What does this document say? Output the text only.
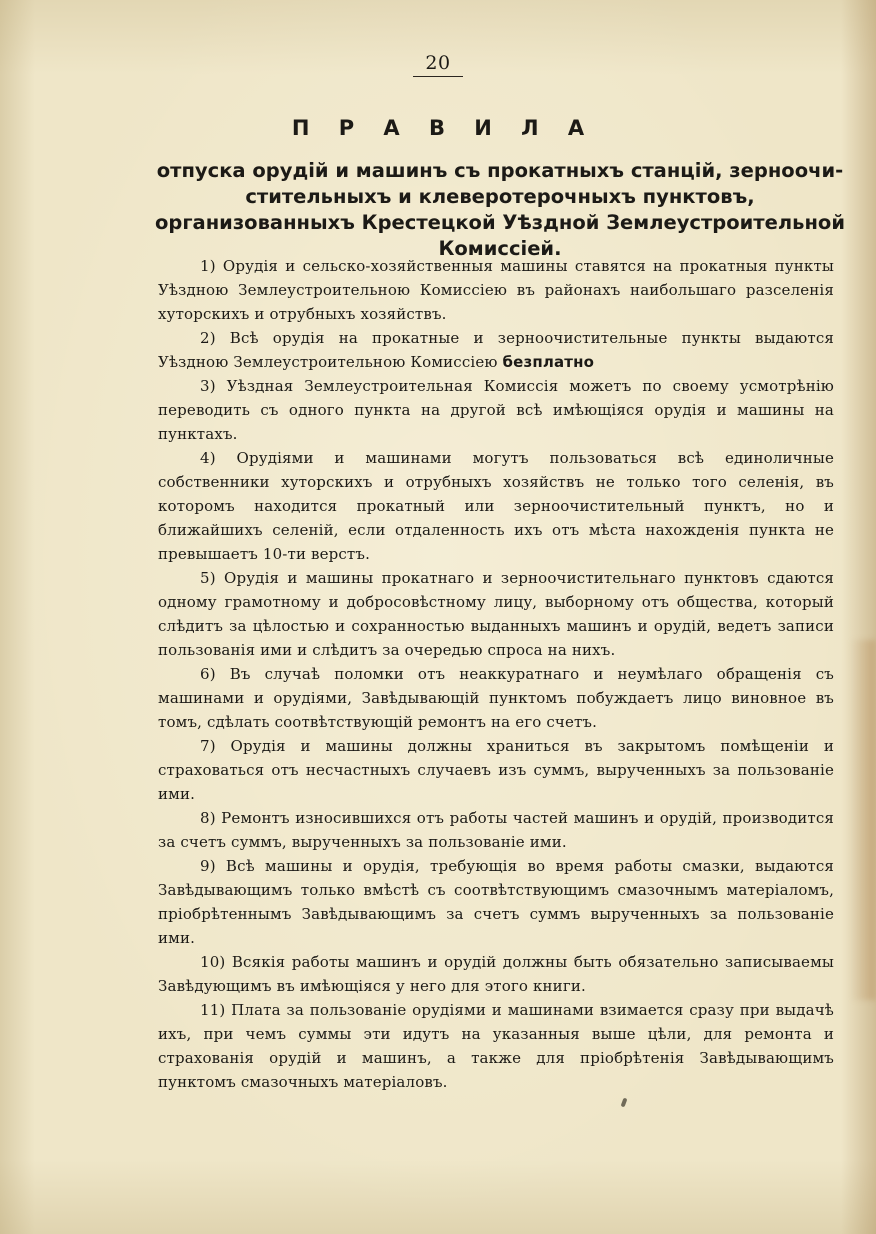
20
П Р А В И Л А
отпуска орудій и машинъ съ прокатныхъ станцій, зерноочи-стительныхъ и клеверотерочныхъ пунктовъ, организованныхъ Крестецкой Уѣздной Землеустроительной Комиссіей.

1) Орудія и сельско-хозяйственныя машины ставятся на прокатныя пункты Уѣздною Землеустроительною Комиссіею въ районахъ наибольшаго разселенія хуторскихъ и отрубныхъ хозяйствъ.

2) Всѣ орудія на прокатные и зерноочистительные пункты выдаются Уѣздною Землеустроительною Комиссіею безплатно

3) Уѣздная Землеустроительная Комиссія можетъ по своему усмотрѣнію переводить съ одного пункта на другой всѣ имѣющіяся орудія и машины на пунктахъ.

4) Орудіями и машинами могутъ пользоваться всѣ единоличные собственники хуторскихъ и отрубныхъ хозяйствъ не только того селенія, въ которомъ находится прокатный или зерноочистительный пунктъ, но и ближайшихъ селеній, если отдаленность ихъ отъ мѣста нахожденія пункта не превышаетъ 10-ти верстъ.

5) Орудія и машины прокатнаго и зерноочистительнаго пунктовъ сдаются одному грамотному и добросовѣстному лицу, выборному отъ общества, который слѣдитъ за цѣлостью и сохранностью выданныхъ машинъ и орудій, ведетъ записи пользованія ими и слѣдитъ за очередью спроса на нихъ.

6) Въ случаѣ поломки отъ неаккуратнаго и неумѣлаго обращенія съ машинами и орудіями, Завѣдывающій пунктомъ побуждаетъ лицо виновное въ томъ, сдѣлать соотвѣтствующій ремонтъ на его счетъ.

7) Орудія и машины должны храниться въ закрытомъ помѣщеніи и страховаться отъ несчастныхъ случаевъ изъ суммъ, вырученныхъ за пользованіе ими.

8) Ремонтъ износившихся отъ работы частей машинъ и орудій, производится за счетъ суммъ, вырученныхъ за пользованіе ими.

9) Всѣ машины и орудія, требующія во время работы смазки, выдаются Завѣдывающимъ только вмѣстѣ съ соотвѣтствующимъ смазочнымъ матеріаломъ, пріобрѣтеннымъ Завѣдывающимъ за счетъ суммъ вырученныхъ за пользованіе ими.

10) Всякія работы машинъ и орудій должны быть обязательно записываемы Завѣдующимъ въ имѣющіяся у него для этого книги.

11) Плата за пользованіе орудіями и машинами взимается сразу при выдачѣ ихъ, при чемъ суммы эти идутъ на указанныя выше цѣли, для ремонта и страхованія орудій и машинъ, а также для пріобрѣтенія Завѣдывающимъ пунктомъ смазочныхъ матеріаловъ.
